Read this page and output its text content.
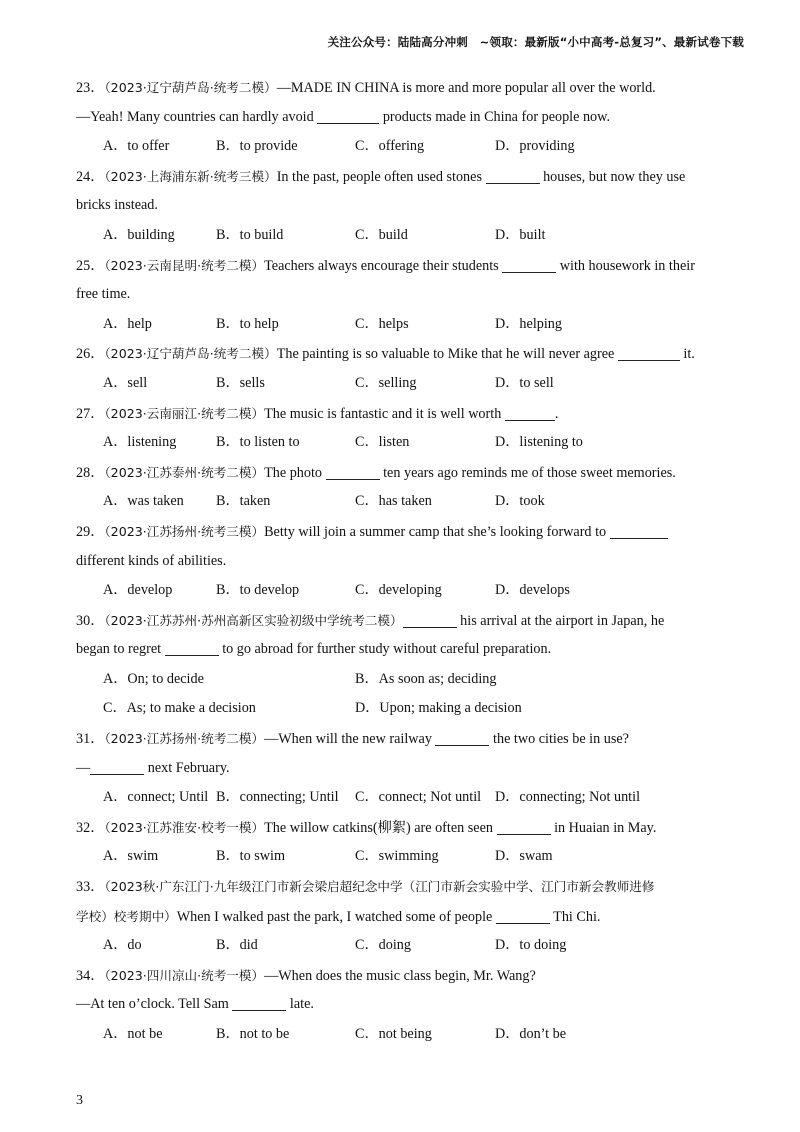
关注公众号：陆陆高分冲刺　~领取：最新版“小中高考-总复习”、最新试卷下载
23．（2023·辽宁葫芦岛·统考二模）—MADE IN CHINA is more and more popular all over the world.
—Yeah! Many countries can hardly avoid	products made in China for people now.
A．to offer	B．to provide	C．offering	D．providing
24．（2023·上海浦东新·统考三模）In the past, people often used stones	houses, but now they use
bricks instead.
A．building	B．to build	C．build	D．built
25．（2023·云南昆明·统考二模）Teachers always encourage their students	with housework in their
free time.
A．help	B．to help	C．helps	D．helping
26．（2023·辽宁葫芦岛·统考二模）The painting is so valuable to Mike that he will never agree	it.
A．sell	B．sells	C．selling	D．to sell
27．（2023·云南丽江·统考二模）The music is fantastic and it is well worth	.
A．listening	B．to listen to	C．listen	D．listening to
28．（2023·江苏泰州·统考二模）The photo	ten years ago reminds me of those sweet memories.
A．was taken B．taken	C．has taken	D．took
29．（2023·江苏扬州·统考三模）Betty will join a summer camp that she’s looking forward to
different kinds of abilities.
A．develop	B．to develop	C．developing	D．develops
30．（2023·江苏苏州·苏州高新区实验初级中学统考二模）	his arrival at the airport in Japan, he
began to regret	to go abroad for further study without careful preparation.
A．On; to decide	B．As soon as; deciding
C．As; to make a decision	D．Upon; making a decision
31．（2023·江苏扬州·统考二模）—When will the new railway	the two cities be in use?
—	next February.
A．connect; Until B．connecting; Until C．connect; Not until D．connecting; Not until
32．（2023·江苏淮安·校考一模）The willow catkins(柳絮) are often seen	in Huaian in May.
A．swim	B．to swim	C．swimming	D．swam
33．（2023秋·广东江门·九年级江门市新会梁启超纪念中学（江门市新会实验中学、江门市新会教师进修
学校）校考期中）When I walked past the park, I watched some of people	Thi Chi.
A．do	B．did	C．doing	D．to doing
34．（2023·四川凉山·统考一模）—When does the music class begin, Mr. Wang?
—At ten o’clock. Tell Sam	late.
A．not be	B．not to be	C．not being	D．don’t be
3
